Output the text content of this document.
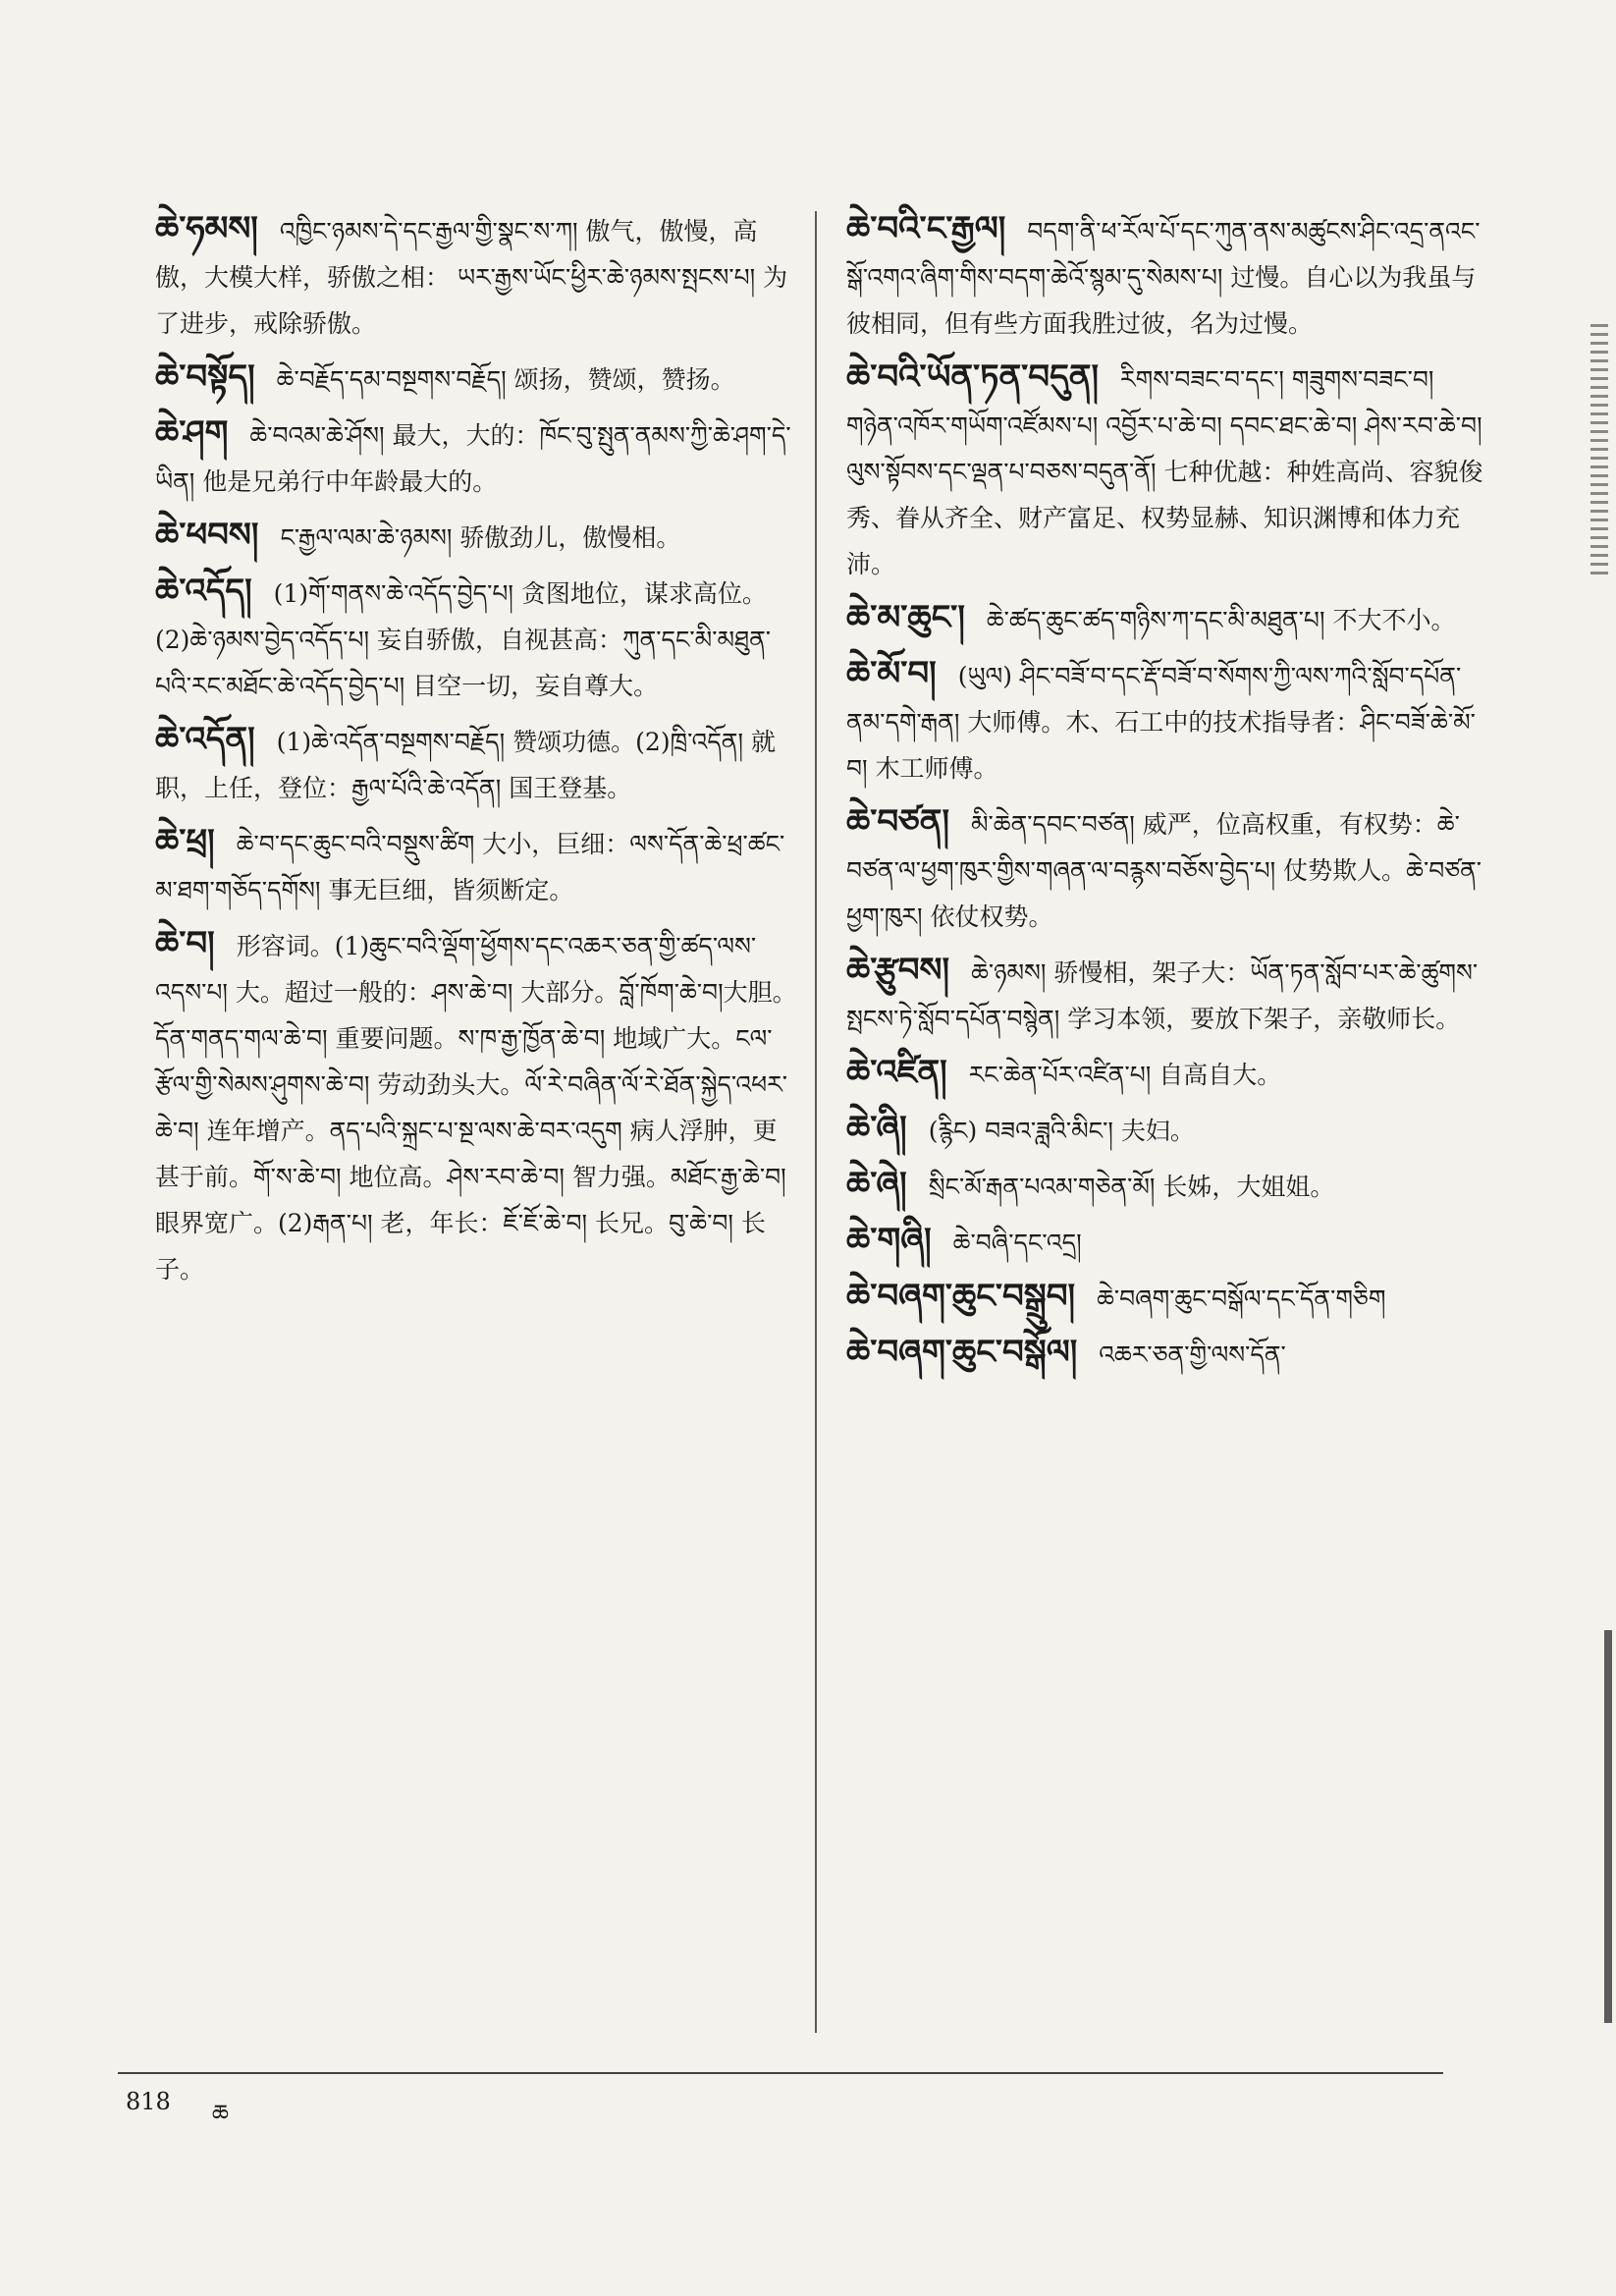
ཆེ་ཧམས། འཁྱིང་ཉམས་དེ་དང་རྒྱལ་གྱི་སྣང་ས་ཀ། 傲气，傲慢，高傲，大模大样，骄傲之相： ཡར་རྒྱས་ཡོང་ཕྱིར་ཆེ་ཉམས་སྤངས་པ། 为了进步，戒除骄傲。
ཆེ་བསྟོད། ཆེ་བརྗོད་དམ་བསྔགས་བརྗོད། 颂扬，赞颂，赞扬。
ཆེ་ཤག ཆེ་བའམ་ཆེ་ཤོས། 最大，大的：ཁོང་བུ་སྤུན་ནམས་ཀྱི་ཆེ་ཤག་དེ་ཡིན། 他是兄弟行中年龄最大的。
ཆེ་ཕབས། ང་རྒྱལ་ལམ་ཆེ་ཉམས། 骄傲劲儿，傲慢相。
ཆེ་འདོད། (1)གོ་གནས་ཆེ་འདོད་བྱེད་པ། 贪图地位，谋求高位。(2)ཆེ་ཉམས་བྱེད་འདོད་པ། 妄自骄傲，自视甚高：ཀུན་དང་མི་མཐུན་པའི་རང་མཐོང་ཆེ་འདོད་བྱེད་པ། 目空一切，妄自尊大。
ཆེ་འདོན། (1)ཆེ་འདོན་བསྔགས་བརྗོད། 赞颂功德。(2)ཁྲི་འདོན། 就职，上任，登位：རྒྱལ་པོའི་ཆེ་འདོན། 国王登基。
ཆེ་ཕྲ། ཆེ་བ་དང་ཆུང་བའི་བསྡུས་ཚིག 大小，巨细：ལས་དོན་ཆེ་ཕྲ་ཚང་མ་ཐག་གཅོད་དགོས། 事无巨细，皆须断定。
ཆེ་བ། 形容词。(1)ཆུང་བའི་ལྡོག་ཕྱོགས་དང་འཆར་ཅན་གྱི་ཚད་ལས་འདས་པ། 大。超过一般的：ཤས་ཆེ་བ། 大部分。བློ་ཁོག་ཆེ་བ།大胆。དོན་གནད་གལ་ཆེ་བ། 重要问题。ས་ཁ་རྒྱ་ཁྱོན་ཆེ་བ། 地域广大。ངལ་རྩོལ་གྱི་སེམས་ཤུགས་ཆེ་བ། 劳动劲头大。ལོ་རེ་བཞིན་ལོ་རེ་ཐོན་སྐྱེད་འཕར་ཆེ་བ། 连年增产。ནད་པའི་སྐྲང་པ་སྔ་ལས་ཆེ་བར་འདུག 病人浮肿，更甚于前。གོ་ས་ཆེ་བ། 地位高。ཤེས་རབ་ཆེ་བ། 智力强。མཐོང་རྒྱ་ཆེ་བ། 眼界宽广。(2)རྒན་པ། 老，年长：ཇོ་ཇོ་ཆེ་བ། 长兄。བུ་ཆེ་བ། 长子。
ཆེ་བའི་ང་རྒྱལ། བདག་ནི་ཕ་རོལ་པོ་དང་ཀུན་ནས་མཚུངས་ཤིང་འདྲ་ནའང་སྒོ་འགའ་ཞིག་གིས་བདག་ཆེའོ་སྙམ་དུ་སེམས་པ། 过慢。自心以为我虽与彼相同，但有些方面我胜过彼，名为过慢。
ཆེ་བའི་ཡོན་ཏན་བདུན། རིགས་བཟང་བ་དང་། གཟུགས་བཟང་བ། གཉེན་འཁོར་གཡོག་འཛོམས་པ། འབྱོར་པ་ཆེ་བ། དབང་ཐང་ཆེ་བ། ཤེས་རབ་ཆེ་བ། ལུས་སྟོབས་དང་ལྡན་པ་བཅས་བདུན་ནོ། 七种优越：种姓高尚、容貌俊秀、眷从齐全、财产富足、权势显赫、知识渊博和体力充沛。
ཆེ་མ་ཆུང་། ཆེ་ཚད་ཆུང་ཚད་གཉིས་ཀ་དང་མི་མཐུན་པ། 不大不小。
ཆེ་མོ་བ། (ཡུལ) ཤིང་བཟོ་བ་དང་རྡོ་བཟོ་བ་སོགས་ཀྱི་ལས་ཀའི་སློབ་དཔོན་ནམ་དགེ་རྒན། 大师傅。木、石工中的技术指导者：ཤིང་བཟོ་ཆེ་མོ་བ། 木工师傅。
ཆེ་བཙན། མི་ཆེན་དབང་བཙན། 威严，位高权重，有权势：ཆེ་བཙན་ལ་ཕྱག་ཁུར་གྱིས་གཞན་ལ་བརྙས་བཅོས་བྱེད་པ། 仗势欺人。ཆེ་བཙན་ཕྱག་ཁུར། 依仗权势。
ཆེ་རྩུབས། ཆེ་ཉམས། 骄慢相，架子大：ཡོན་ཏན་སློབ་པར་ཆེ་ཚུགས་སྤངས་ཏེ་སློབ་དཔོན་བསྙེན། 学习本领，要放下架子，亲敬师长。
ཆེ་འཛིན། རང་ཆེན་པོར་འཛིན་པ། 自高自大。
ཆེ་ཞི། (རྙིང) བཟའ་ཟླའི་མིང་། 夫妇。
ཆེ་ཞེ། སྲིང་མོ་རྒན་པའམ་གཅེན་མོ། 长姊，大姐姐。
ཆེ་གཞི། ཆེ་བཞི་དང་འདྲ།
ཆེ་བཞག་ཆུང་བསྒྲུབ། ཆེ་བཞག་ཆུང་བསྒོལ་དང་དོན་གཅིག
ཆེ་བཞག་ཆུང་བསྒོལ། འཆར་ཅན་གྱི་ལས་དོན་
818 ཆ
